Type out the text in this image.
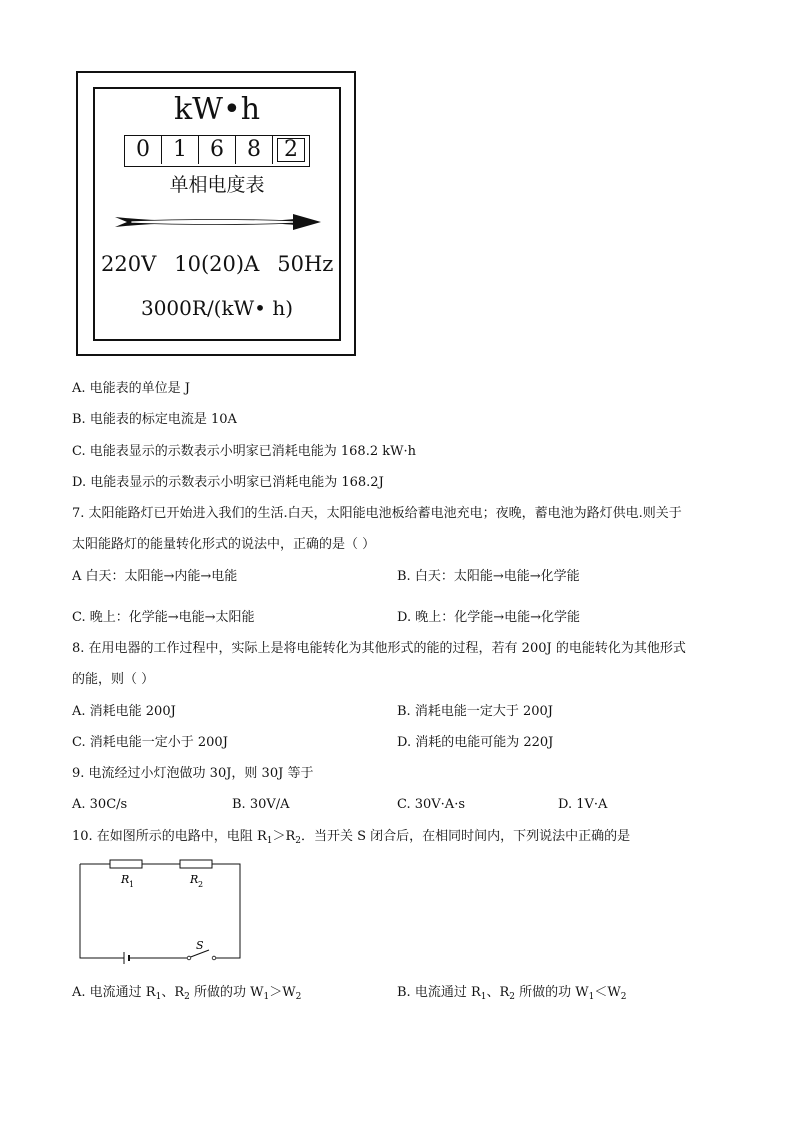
kW•h
0	1	6	8	2
单相电度表
220V 10(20)A 50Hz
3000R/(kW• h)
A. 电能表的单位是 J
B. 电能表的标定电流是 10A
C. 电能表显示的示数表示小明家已消耗电能为 168.2 kW·h
D. 电能表显示的示数表示小明家已消耗电能为 168.2J
7. 太阳能路灯已开始进入我们的生活.白天，太阳能电池板给蓄电池充电；夜晚，蓄电池为路灯供电.则关于
太阳能路灯的能量转化形式的说法中，正确的是（ ）
A 白天：太阳能→内能→电能	B. 白天：太阳能→电能→化学能
C. 晚上：化学能→电能→太阳能	D. 晚上：化学能→电能→化学能
8. 在用电器的工作过程中，实际上是将电能转化为其他形式的能的过程，若有 200J 的电能转化为其他形式
的能，则（ ）
A. 消耗电能 200J	B. 消耗电能一定大于 200J
C. 消耗电能一定小于 200J	D. 消耗的电能可能为 220J
9. 电流经过小灯泡做功 30J，则 30J 等于
A. 30C/s	B. 30V/A	C. 30V·A·s	D. 1V·A
10. 在如图所示的电路中，电阻 $R_1>R_2$．当开关 S 闭合后，在相同时间内，下列说法中正确的是
R 1	R 2
S
A. 电流通过 $R_1$、$R_2$ 所做的功 $W_1>W_2$	B. 电流通过 $R_1$、$R_2$ 所做的功 $W_1<W_2$
